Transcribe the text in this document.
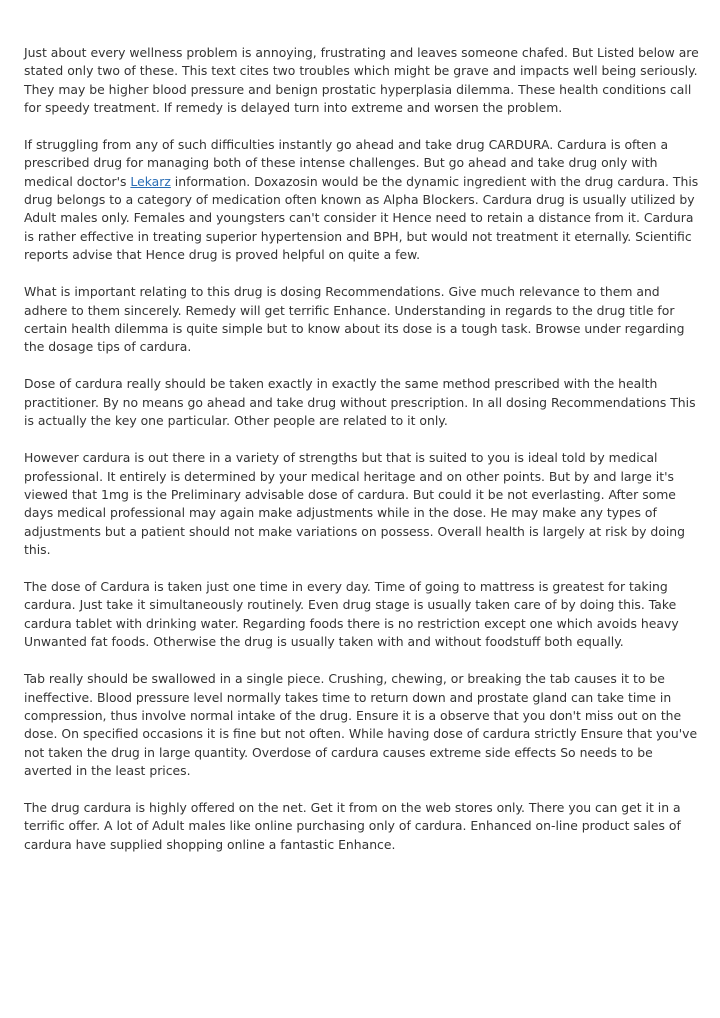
Just about every wellness problem is annoying, frustrating and leaves someone chafed. But Listed below are stated only two of these. This text cites two troubles which might be grave and impacts well being seriously. They may be higher blood pressure and benign prostatic hyperplasia dilemma. These health conditions call for speedy treatment. If remedy is delayed turn into extreme and worsen the problem.

If struggling from any of such difficulties instantly go ahead and take drug CARDURA. Cardura is often a prescribed drug for managing both of these intense challenges. But go ahead and take drug only with medical doctor's Lekarz information. Doxazosin would be the dynamic ingredient with the drug cardura. This drug belongs to a category of medication often known as Alpha Blockers. Cardura drug is usually utilized by Adult males only. Females and youngsters can't consider it Hence need to retain a distance from it. Cardura is rather effective in treating superior hypertension and BPH, but would not treatment it eternally. Scientific reports advise that Hence drug is proved helpful on quite a few.

What is important relating to this drug is dosing Recommendations. Give much relevance to them and adhere to them sincerely. Remedy will get terrific Enhance. Understanding in regards to the drug title for certain health dilemma is quite simple but to know about its dose is a tough task. Browse under regarding the dosage tips of cardura.

Dose of cardura really should be taken exactly in exactly the same method prescribed with the health practitioner. By no means go ahead and take drug without prescription. In all dosing Recommendations This is actually the key one particular. Other people are related to it only.

However cardura is out there in a variety of strengths but that is suited to you is ideal told by medical professional. It entirely is determined by your medical heritage and on other points. But by and large it's viewed that 1mg is the Preliminary advisable dose of cardura. But could it be not everlasting. After some days medical professional may again make adjustments while in the dose. He may make any types of adjustments but a patient should not make variations on possess. Overall health is largely at risk by doing this.

The dose of Cardura is taken just one time in every day. Time of going to mattress is greatest for taking cardura. Just take it simultaneously routinely. Even drug stage is usually taken care of by doing this. Take cardura tablet with drinking water. Regarding foods there is no restriction except one which avoids heavy Unwanted fat foods. Otherwise the drug is usually taken with and without foodstuff both equally.

Tab really should be swallowed in a single piece. Crushing, chewing, or breaking the tab causes it to be ineffective. Blood pressure level normally takes time to return down and prostate gland can take time in compression, thus involve normal intake of the drug. Ensure it is a observe that you don't miss out on the dose. On specified occasions it is fine but not often. While having dose of cardura strictly Ensure that you've not taken the drug in large quantity. Overdose of cardura causes extreme side effects So needs to be averted in the least prices.

The drug cardura is highly offered on the net. Get it from on the web stores only. There you can get it in a terrific offer. A lot of Adult males like online purchasing only of cardura. Enhanced on-line product sales of cardura have supplied shopping online a fantastic Enhance.
